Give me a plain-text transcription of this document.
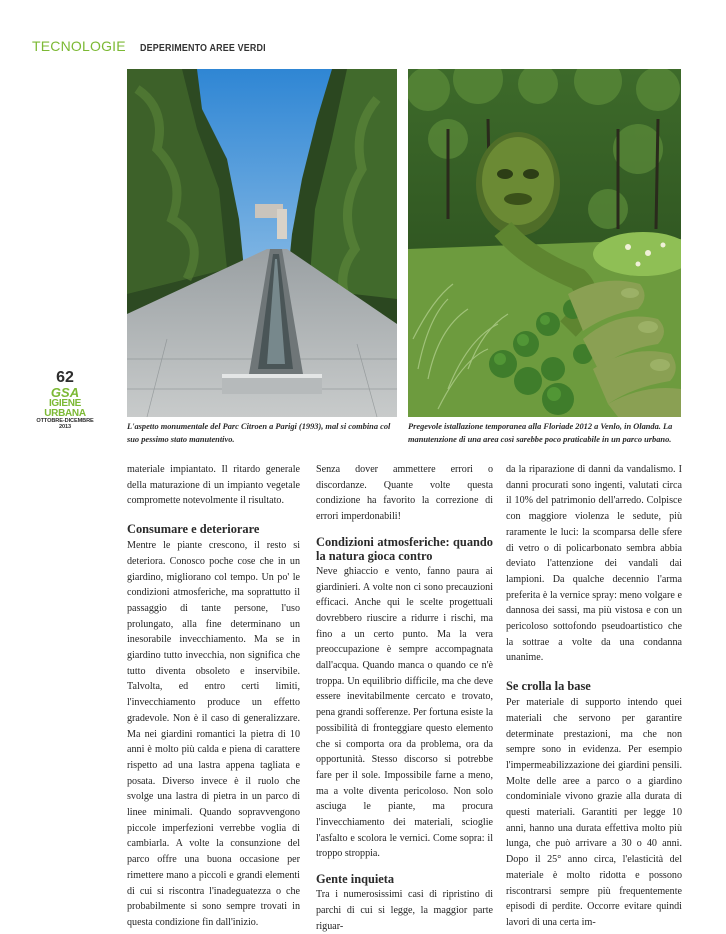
TECNOLOGIE DEPERIMENTO AREE VERDI
62
GSA
IGIENE URBANA
OTTOBRE-DICEMBRE 2013	L'aspetto monumentale del Parc Citroen a Parigi (1993), mal si combina col suo pessimo stato manutentivo.
Pregevole istallazione temporanea alla Floriade 2012 a Venlo, in Olanda. La manutenzione di una area così sarebbe poco praticabile in un parco urbano.

materiale impiantato. Il ritardo generale della maturazione di un impianto vegetale compromette notevolmente il risultato.

Consumare e deteriorare

Mentre le piante crescono, il resto si deteriora. Conosco poche cose che in un giardino, migliorano col tempo. Un po' le condizioni atmosferiche, ma soprattutto il passaggio di tante persone, l'uso prolungato, alla fine determinano un inesorabile invecchiamento. Ma se in giardino tutto invecchia, non significa che tutto diventa obsoleto e inservibile. Talvolta, ed entro certi limiti, l'invecchiamento produce un effetto gradevole. Non è il caso di generalizzare. Ma nei giardini romantici la pietra di 10 anni è molto più calda e piena di carattere rispetto ad una lastra appena tagliata e posata. Diverso invece è il ruolo che svolge una lastra di pietra in un parco di linee minimali. Quando sopravvengono piccole imperfezioni verrebbe voglia di cambiarla. A volte la consunzione del parco offre una buona occasione per rimettere mano a piccoli e grandi elementi di cui si riscontra l'inadeguatezza o che probabilmente si sono sempre trovati in questa condizione fin dall'inizio.

Senza dover ammettere errori o discordanze. Quante volte questa condizione ha favorito la correzione di errori imperdonabili!

Condizioni atmosferiche: quando la natura gioca contro

Neve ghiaccio e vento, fanno paura ai giardinieri. A volte non ci sono precauzioni efficaci. Anche qui le scelte progettuali dovrebbero riuscire a ridurre i rischi, ma fino a un certo punto. Ma la vera preoccupazione è sempre accompagnata dall'acqua. Quando manca o quando ce n'è troppa. Un equilibrio difficile, ma che deve essere inevitabilmente cercato e trovato, pena grandi sofferenze. Per fortuna esiste la possibilità di fronteggiare questo elemento che si comporta ora da problema, ora da opportunità. Stesso discorso si potrebbe fare per il sole. Impossibile farne a meno, ma a volte diventa pericoloso. Non solo asciuga le piante, ma procura l'invecchiamento dei materiali, scioglie l'asfalto e scolora le vernici. Come sopra: il troppo stroppia.

Gente inquieta

Tra i numerosissimi casi di ripristino di parchi di cui si legge, la maggior parte riguar-

da la riparazione di danni da vandalismo. I danni procurati sono ingenti, valutati circa il 10% del patrimonio dell'arredo. Colpisce con maggiore violenza le sedute, più raramente le luci: la scomparsa delle sfere di vetro o di policarbonato sembra abbia deviato l'attenzione dei vandali dai lampioni. Da qualche decennio l'arma preferita è la vernice spray: meno volgare e dannosa dei sassi, ma più vistosa e con un pericoloso sottofondo pseudoartistico che la sottrae a volte da una condanna unanime.

Se crolla la base

Per materiale di supporto intendo quei materiali che servono per garantire determinate prestazioni, ma che non sempre sono in evidenza. Per esempio l'impermeabilizzazione dei giardini pensili. Molte delle aree a parco o a giardino condominiale vivono grazie alla durata di questi materiali. Garantiti per legge 10 anni, hanno una durata effettiva molto più lunga, che può arrivare a 30 o 40 anni. Dopo il 25° anno circa, l'elasticità del materiale è molto ridotta e possono riscontrarsi sempre più frequentemente episodi di perdite. Occorre evitare quindi lavori di una certa im-
